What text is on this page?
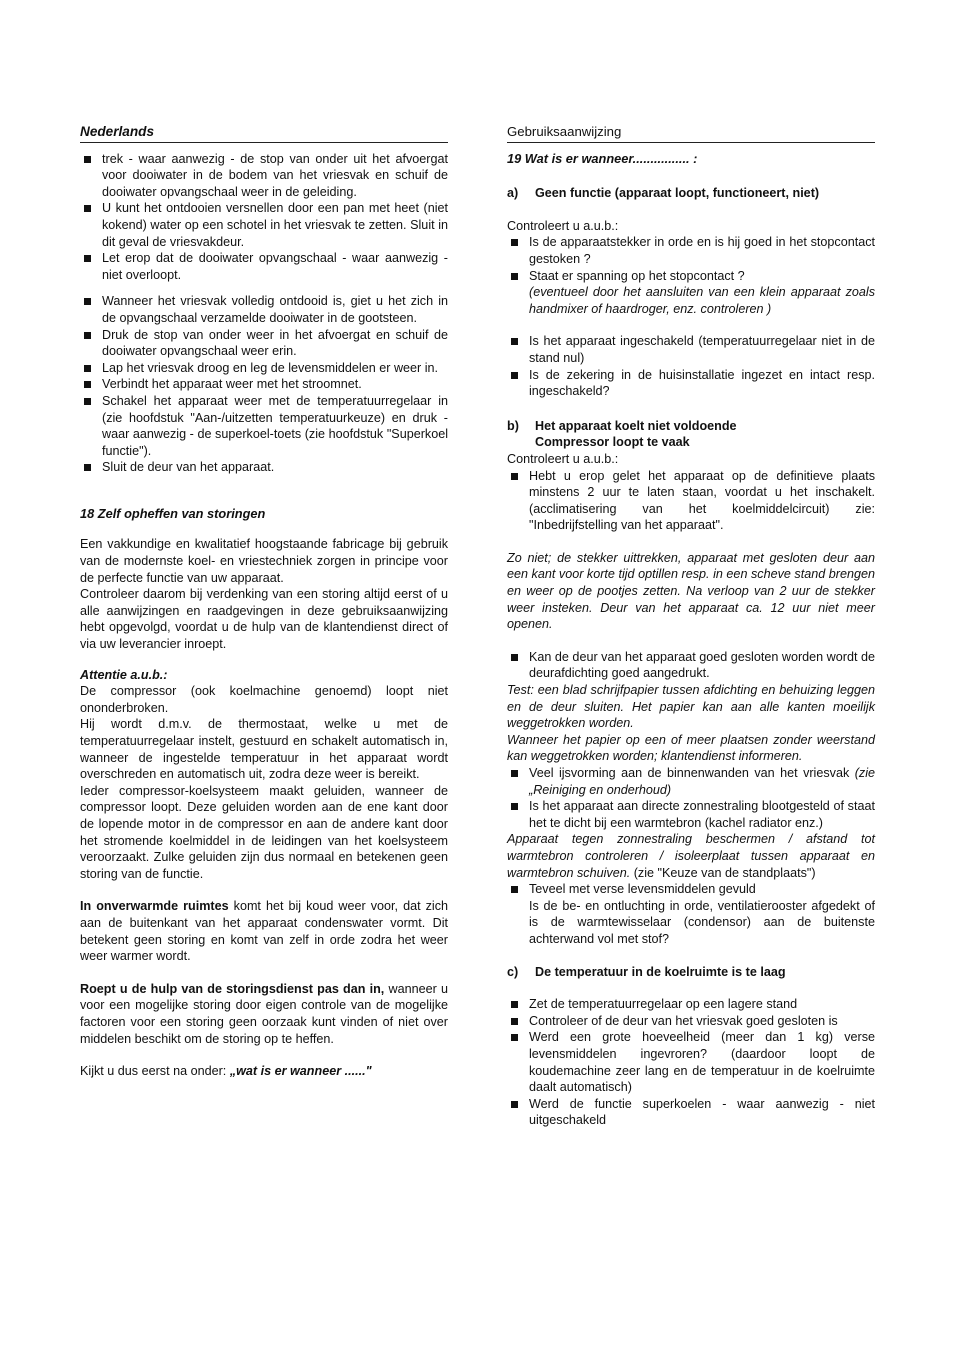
Nederlands
trek - waar aanwezig - de stop van onder uit het afvoergat voor dooiwater in de bodem van het vriesvak en schuif de dooiwater opvangschaal weer in de geleiding.
U kunt het ontdooien versnellen door een pan met heet (niet kokend) water op een schotel in het vriesvak te zetten. Sluit in dit geval de vriesvakdeur.
Let erop dat de dooiwater opvangschaal - waar aanwezig - niet overloopt.
Wanneer het vriesvak volledig ontdooid is, giet u het zich in de opvangschaal verzamelde dooiwater in de gootsteen.
Druk de stop van onder weer in het afvoergat en schuif de dooiwater opvangschaal weer erin.
Lap het vriesvak droog en leg de levensmiddelen er weer in.
Verbindt het apparaat weer met het stroomnet.
Schakel het apparaat weer met de temperatuurregelaar in (zie hoofdstuk "Aan-/uitzetten temperatuurkeuze) en druk - waar aanwezig - de superkoel-toets (zie hoofdstuk "Superkoel functie").
Sluit de deur van het apparaat.
18 Zelf opheffen van storingen

Een vakkundige en kwalitatief hoogstaande fabricage bij gebruik van de modernste koel- en vriestechniek zorgen in principe voor de perfecte functie van uw apparaat.

Controleer daarom bij verdenking van een storing altijd eerst of u alle aanwijzingen en raadgevingen in deze gebruiksaanwijzing hebt opgevolgd, voordat u de hulp van de klantendienst direct of via uw leverancier inroept.

Attentie a.u.b.:

De compressor (ook koelmachine genoemd) loopt niet ononderbroken.

Hij wordt d.m.v. de thermostaat, welke u met de temperatuurregelaar instelt, gestuurd en schakelt automatisch in, wanneer de ingestelde temperatuur in het apparaat wordt overschreden en automatisch uit, zodra deze weer is bereikt.

Ieder compressor-koelsysteem maakt geluiden, wanneer de compressor loopt. Deze geluiden worden aan de ene kant door de lopende motor in de compressor en aan de andere kant door het stromende koelmiddel in de leidingen van het koelsysteem veroorzaakt. Zulke geluiden zijn dus normaal en betekenen geen storing van de functie.

In onverwarmde ruimtes komt het bij koud weer voor, dat zich aan de buitenkant van het apparaat condenswater vormt. Dit betekent geen storing en komt van zelf in orde zodra het weer weer warmer wordt.

Roept u de hulp van de storingsdienst pas dan in, wanneer u voor een mogelijke storing door eigen controle van de mogelijke factoren voor een storing geen oorzaak kunt vinden of niet over middelen beschikt om de storing op te heffen.

Kijkt u dus eerst na onder: „wat is er wanneer ......"

Gebruiksaanwijzing
19 Wat is er wanneer................ :
a)	Geen functie (apparaat loopt, functioneert, niet)

Controleert u a.u.b.:

Is de apparaatstekker in orde en is hij goed in het stopcontact gestoken ?
Staat er spanning op het stopcontact ?
(eventueel door het aansluiten van een klein apparaat zoals handmixer of haardroger, enz. controleren )
Is het apparaat ingeschakeld (temperatuurregelaar niet in de stand nul)
Is de zekering in de huisinstallatie ingezet en intact resp. ingeschakeld?
b)	Het apparaat koelt niet voldoende
Compressor loopt te vaak

Controleert u a.u.b.:

Hebt u erop gelet het apparaat op de definitieve plaats minstens 2 uur te laten staan, voordat u het inschakelt. (acclimatisering van het koelmiddelcircuit) zie: "Inbedrijfstelling van het apparaat".

Zo niet; de stekker uittrekken, apparaat met gesloten deur aan een kant voor korte tijd optillen resp. in een scheve stand brengen en weer op de pootjes zetten. Na verloop van 2 uur de stekker weer insteken. Deur van het apparaat ca. 12 uur niet meer openen.

Kan de deur van het apparaat goed gesloten worden wordt de deurafdichting goed aangedrukt.

Test: een blad schrijfpapier tussen afdichting en behuizing leggen en de deur sluiten. Het papier kan aan alle kanten moeilijk weggetrokken worden.

Wanneer het papier op een of meer plaatsen zonder weerstand kan weggetrokken worden; klantendienst informeren.

Veel ijsvorming aan de binnenwanden van het vriesvak (zie „Reiniging en onderhoud)
Is het apparaat aan directe zonnestraling blootgesteld of staat het te dicht bij een warmtebron (kachel radiator enz.)

Apparaat tegen zonnestraling beschermen / afstand tot warmtebron controleren / isoleerplaat tussen apparaat en warmtebron schuiven. (zie "Keuze van de standplaats")

Teveel met verse levensmiddelen gevuld
Is de be- en ontluchting in orde, ventilatierooster afgedekt of is de warmtewisselaar (condensor) aan de buitenste achterwand vol met stof?
c)	De temperatuur in de koelruimte is te laag
Zet de temperatuurregelaar op een lagere stand
Controleer of de deur van het vriesvak goed gesloten is
Werd een grote hoeveelheid (meer dan 1 kg) verse levensmiddelen ingevroren? (daardoor loopt de koudemachine zeer lang en de temperatuur in de koelruimte daalt automatisch)
Werd de functie superkoelen - waar aanwezig - niet uitgeschakeld
